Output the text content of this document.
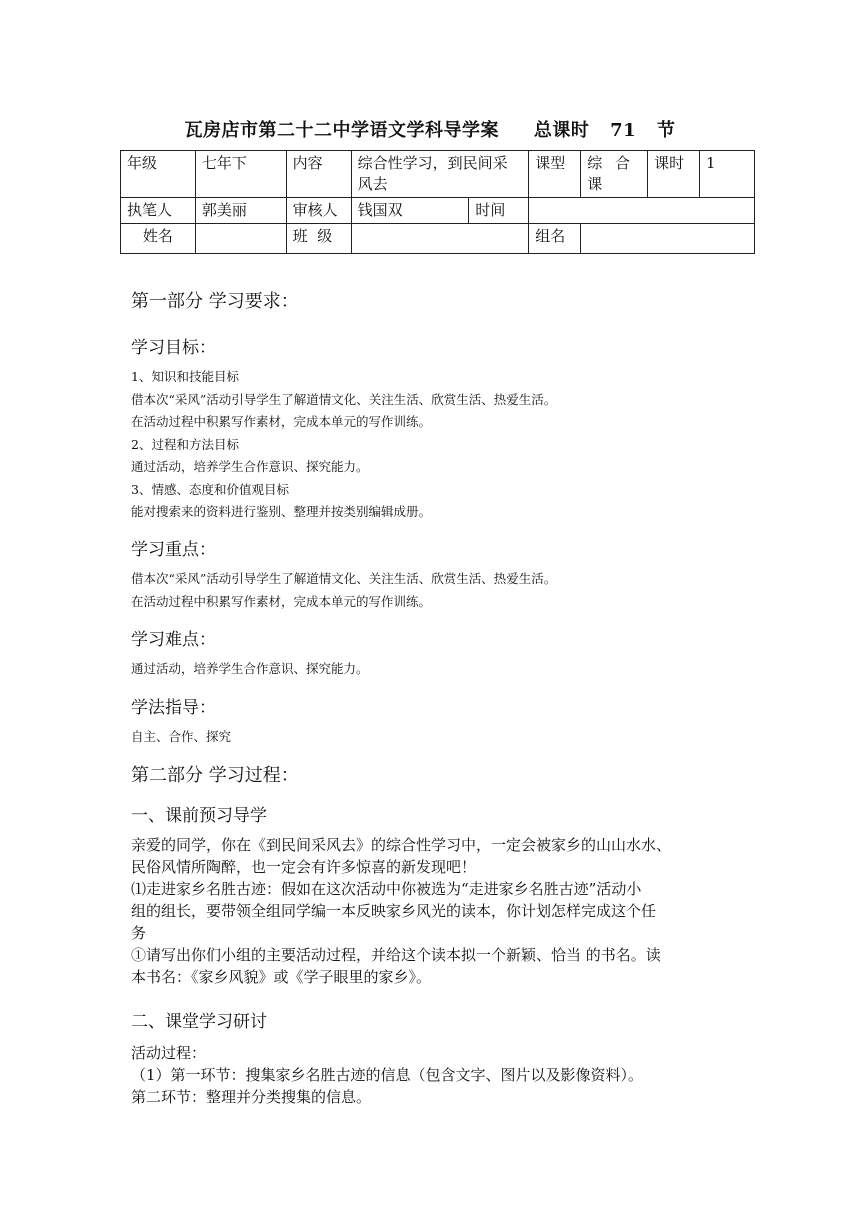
瓦房店市第二十二中学语文学科导学案 总课时 71 节
年级	七年下	内容	综合性学习，到民间采风去		课型	综 合 课	课时	1
执笔人	郭美丽	审核人	钱国双	时间				
姓名		班  级			组名			
第一部分 学习要求：
学习目标：
1、知识和技能目标
借本次“采风”活动引导学生了解道情文化、关注生活、欣赏生活、热爱生活。
在活动过程中积累写作素材，完成本单元的写作训练。
2、过程和方法目标
通过活动，培养学生合作意识、探究能力。
3、情感、态度和价值观目标
能对搜索来的资料进行鉴别、整理并按类别编辑成册。
学习重点：
借本次“采风”活动引导学生了解道情文化、关注生活、欣赏生活、热爱生活。
在活动过程中积累写作素材，完成本单元的写作训练。
学习难点：
通过活动，培养学生合作意识、探究能力。
学法指导：
自主、合作、探究
第二部分 学习过程：
一、课前预习导学
亲爱的同学，你在《到民间采风去》的综合性学习中，一定会被家乡的山山水水、
民俗风情所陶醉，也一定会有许多惊喜的新发现吧！
⑴走进家乡名胜古迹：假如在这次活动中你被选为“走进家乡名胜古迹”活动小
组的组长，要带领全组同学编一本反映家乡风光的读本，你计划怎样完成这个任
务
①请写出你们小组的主要活动过程，并给这个读本拟一个新颖、恰当 的书名。读
本书名：《家乡风貌》或《学子眼里的家乡》。
二、课堂学习研讨
活动过程：
（1）第一环节：搜集家乡名胜古迹的信息（包含文字、图片以及影像资料）。
第二环节：整理并分类搜集的信息。
